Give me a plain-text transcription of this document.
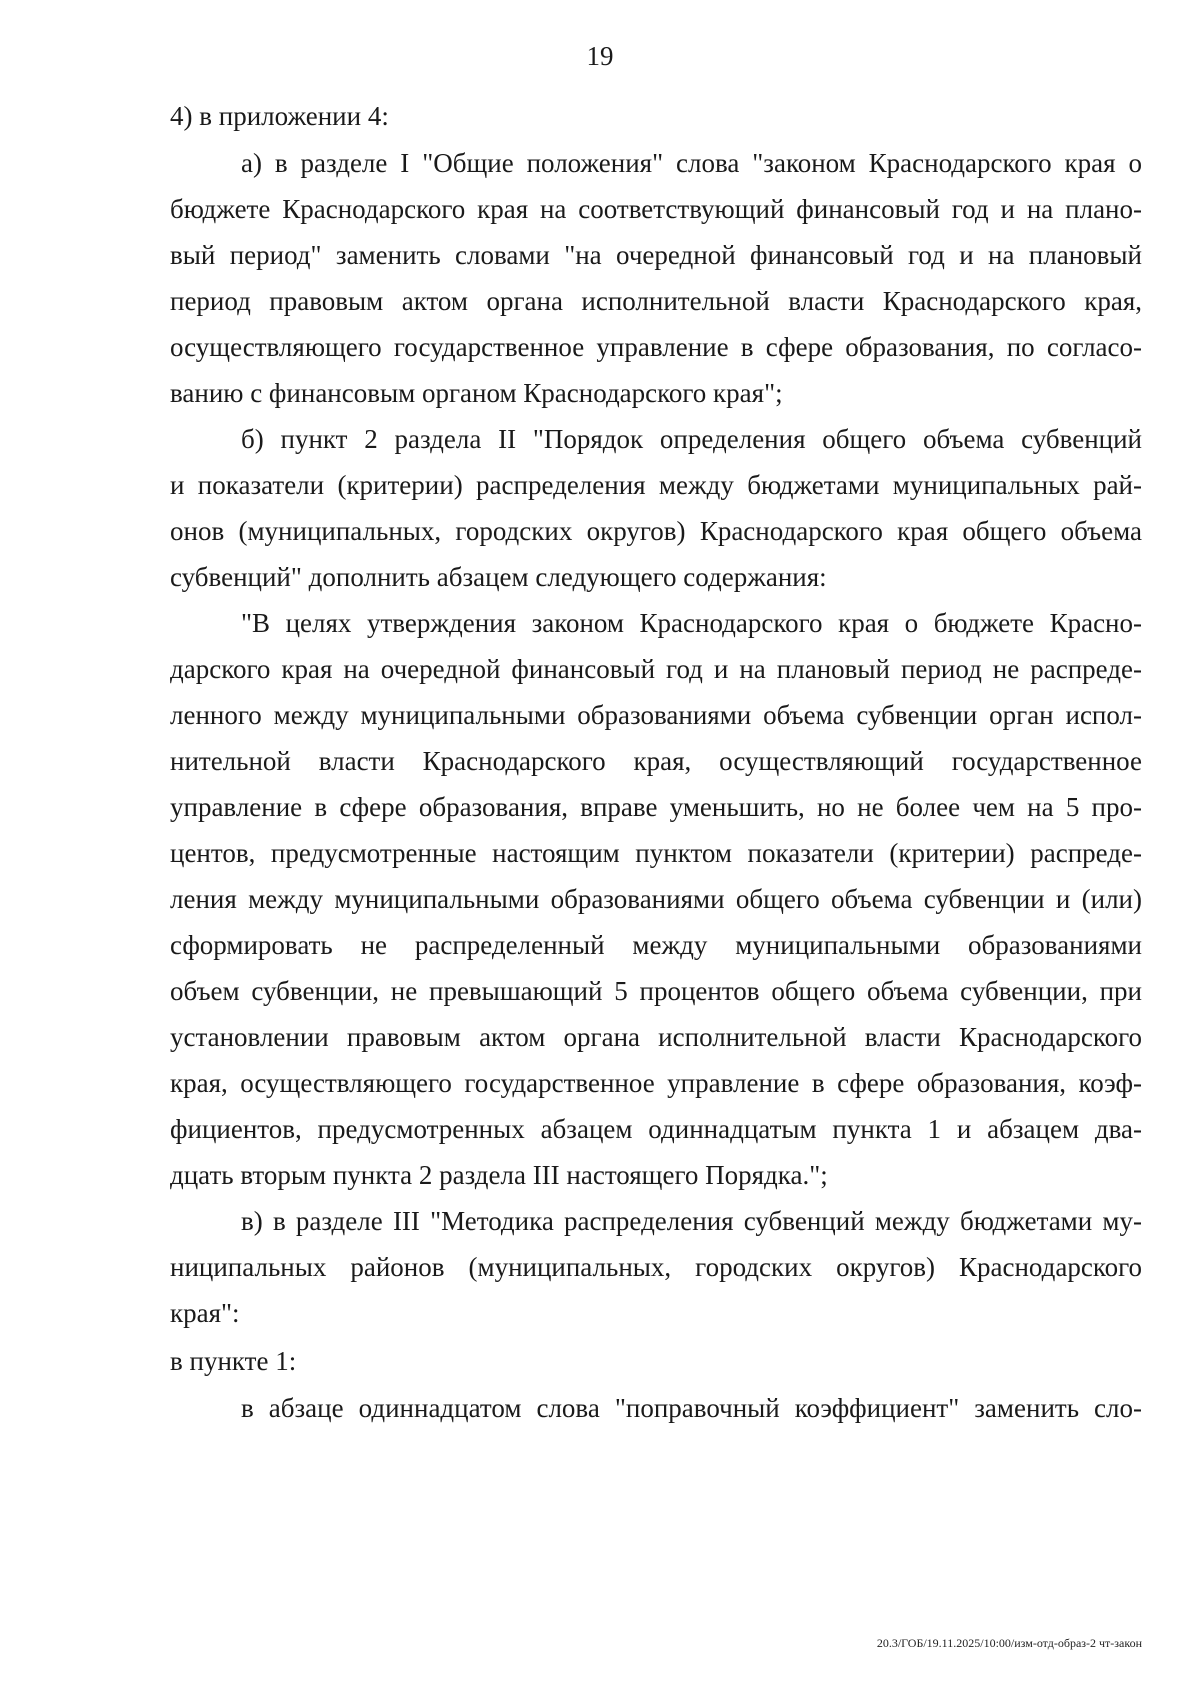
19
4) в приложении 4:
а) в разделе I "Общие положения" слова "законом Краснодарского края о
бюджете Краснодарского края на соответствующий финансовый год и на плано-
вый период" заменить словами "на очередной финансовый год и на плановый
период правовым актом органа исполнительной власти Краснодарского края,
осуществляющего государственное управление в сфере образования, по согласо-
ванию с финансовым органом Краснодарского края";
б) пункт 2 раздела II "Порядок определения общего объема субвенций
и показатели (критерии) распределения между бюджетами муниципальных рай-
онов (муниципальных, городских округов) Краснодарского края общего объема
субвенций" дополнить абзацем следующего содержания:
"В целях утверждения законом Краснодарского края о бюджете Красно-
дарского края на очередной финансовый год и на плановый период не распреде-
ленного между муниципальными образованиями объема субвенции орган испол-
нительной власти Краснодарского края, осуществляющий государственное
управление в сфере образования, вправе уменьшить, но не более чем на 5 про-
центов, предусмотренные настоящим пунктом показатели (критерии) распреде-
ления между муниципальными образованиями общего объема субвенции и (или)
сформировать не распределенный между муниципальными образованиями
объем субвенции, не превышающий 5 процентов общего объема субвенции, при
установлении правовым актом органа исполнительной власти Краснодарского
края, осуществляющего государственное управление в сфере образования, коэф-
фициентов, предусмотренных абзацем одиннадцатым пункта 1 и абзацем два-
дцать вторым пункта 2 раздела III настоящего Порядка.";
в) в разделе III "Методика распределения субвенций между бюджетами му-
ниципальных районов (муниципальных, городских округов) Краснодарского
края":
в пункте 1:
в абзаце одиннадцатом слова "поправочный коэффициент" заменить сло-
20.3/ГОБ/19.11.2025/10:00/изм-отд-образ-2 чт-закон
